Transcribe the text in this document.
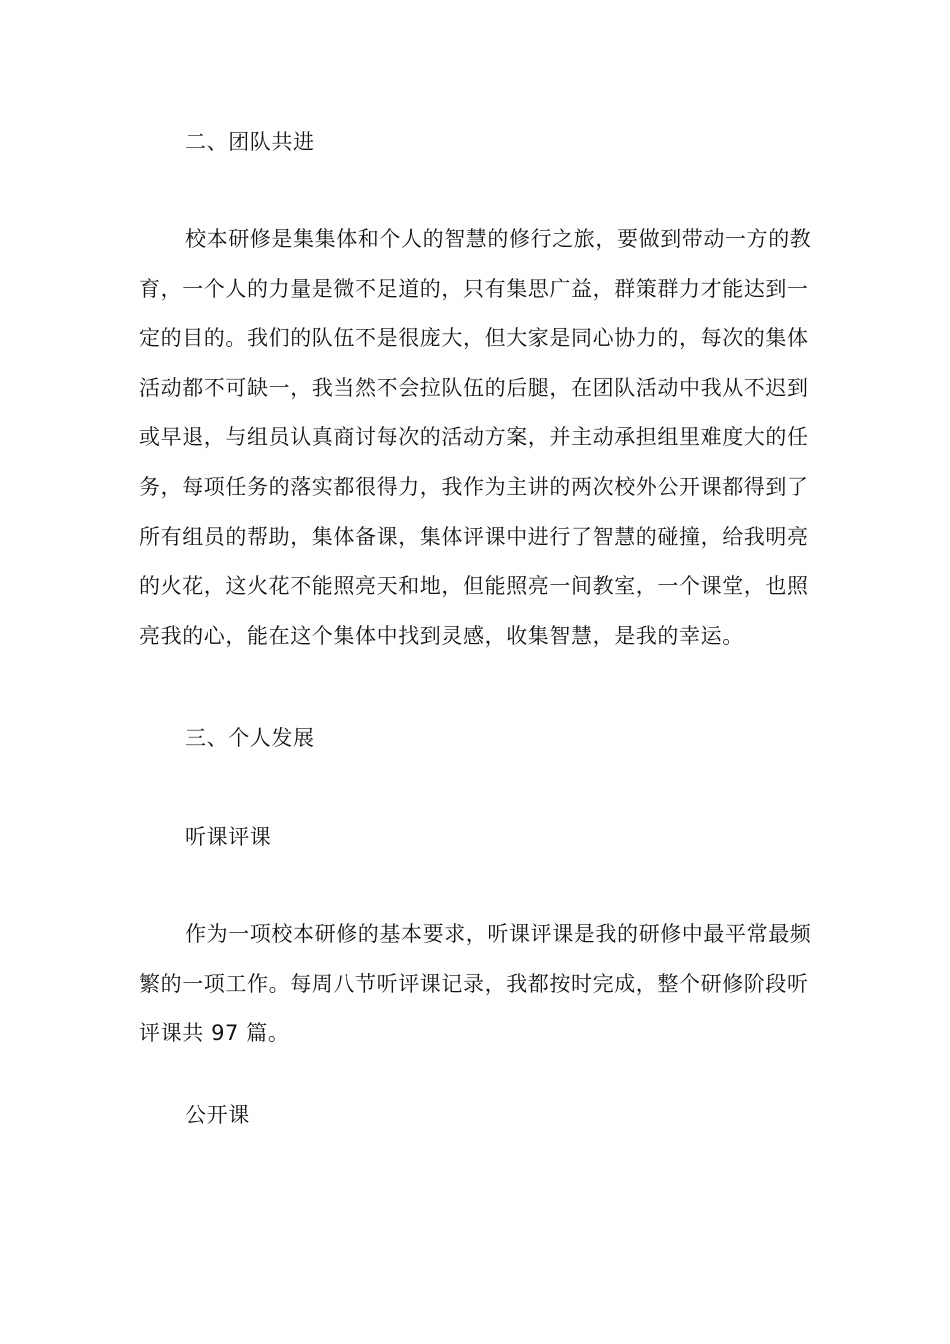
二、团队共进

校本研修是集集体和个人的智慧的修行之旅，要做到带动一方的教
育，一个人的力量是微不足道的，只有集思广益，群策群力才能达到一
定的目的。我们的队伍不是很庞大，但大家是同心协力的，每次的集体
活动都不可缺一，我当然不会拉队伍的后腿，在团队活动中我从不迟到
或早退，与组员认真商讨每次的活动方案，并主动承担组里难度大的任
务，每项任务的落实都很得力，我作为主讲的两次校外公开课都得到了
所有组员的帮助，集体备课，集体评课中进行了智慧的碰撞，给我明亮
的火花，这火花不能照亮天和地，但能照亮一间教室，一个课堂，也照
亮我的心，能在这个集体中找到灵感，收集智慧，是我的幸运。

三、个人发展

听课评课

作为一项校本研修的基本要求，听课评课是我的研修中最平常最频
繁的一项工作。每周八节听评课记录，我都按时完成，整个研修阶段听
评课共 97 篇。

公开课
